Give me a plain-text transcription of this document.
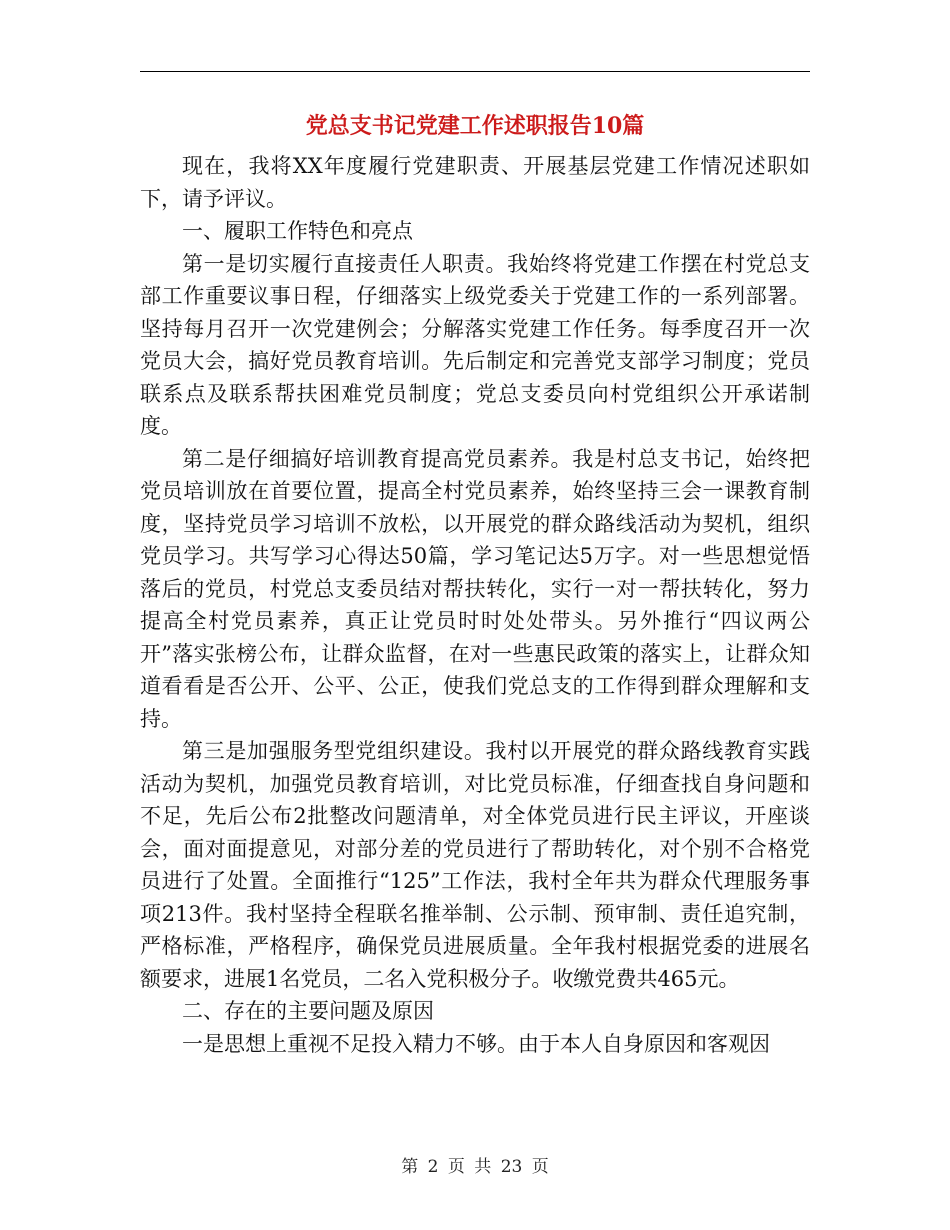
党总支书记党建工作述职报告10篇

现在，我将XX年度履行党建职责、开展基层党建工作情况述职如下，请予评议。

一、履职工作特色和亮点

第一是切实履行直接责任人职责。我始终将党建工作摆在村党总支部工作重要议事日程，仔细落实上级党委关于党建工作的一系列部署。坚持每月召开一次党建例会；分解落实党建工作任务。每季度召开一次党员大会，搞好党员教育培训。先后制定和完善党支部学习制度；党员联系点及联系帮扶困难党员制度；党总支委员向村党组织公开承诺制度。

第二是仔细搞好培训教育提高党员素养。我是村总支书记，始终把党员培训放在首要位置，提高全村党员素养，始终坚持三会一课教育制度，坚持党员学习培训不放松，以开展党的群众路线活动为契机，组织党员学习。共写学习心得达50篇，学习笔记达5万字。对一些思想觉悟落后的党员，村党总支委员结对帮扶转化，实行一对一帮扶转化，努力提高全村党员素养，真正让党员时时处处带头。另外推行“四议两公开”落实张榜公布，让群众监督，在对一些惠民政策的落实上，让群众知道看看是否公开、公平、公正，使我们党总支的工作得到群众理解和支持。

第三是加强服务型党组织建设。我村以开展党的群众路线教育实践活动为契机，加强党员教育培训，对比党员标准，仔细查找自身问题和不足，先后公布2批整改问题清单，对全体党员进行民主评议，开座谈会，面对面提意见，对部分差的党员进行了帮助转化，对个别不合格党员进行了处置。全面推行“125”工作法，我村全年共为群众代理服务事项213件。我村坚持全程联名推举制、公示制、预审制、责任追究制，严格标准，严格程序，确保党员进展质量。全年我村根据党委的进展名额要求，进展1名党员，二名入党积极分子。收缴党费共465元。

二、存在的主要问题及原因

一是思想上重视不足投入精力不够。由于本人自身原因和客观因

第 2 页 共 23 页
